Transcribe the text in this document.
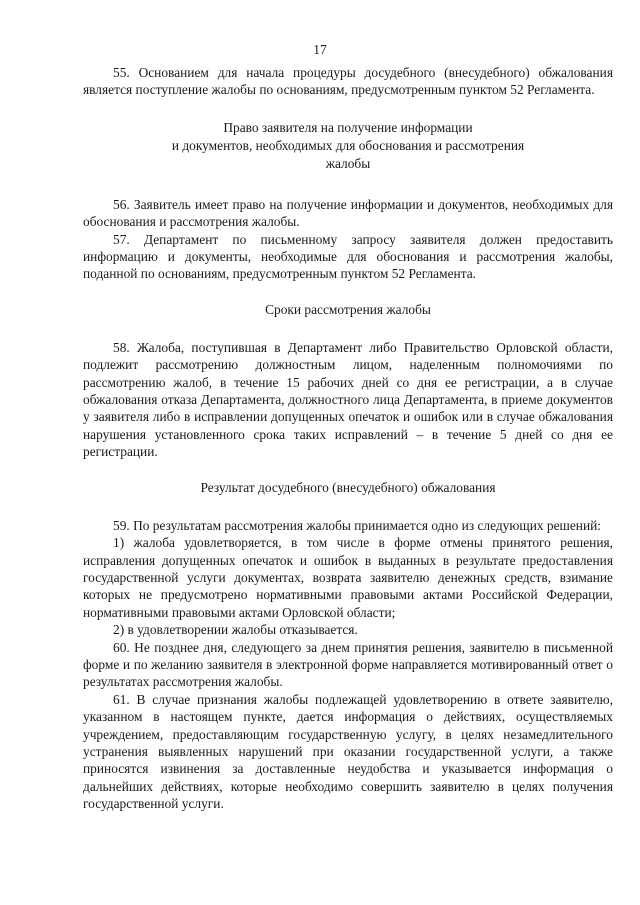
17

55. Основанием для начала процедуры досудебного (внесудебного) обжалования является поступление жалобы по основаниям, предусмотренным пунктом 52 Регламента.

Право заявителя на получение информации
и документов, необходимых для обоснования и рассмотрения
жалобы

56. Заявитель имеет право на получение информации и документов, необходимых для обоснования и рассмотрения жалобы.

57. Департамент по письменному запросу заявителя должен предоставить информацию и документы, необходимые для обоснования и рассмотрения жалобы, поданной по основаниям, предусмотренным пунктом 52 Регламента.

Сроки рассмотрения жалобы

58. Жалоба, поступившая в Департамент либо Правительство Орловской области, подлежит рассмотрению должностным лицом, наделенным полномочиями по рассмотрению жалоб, в течение 15 рабочих дней со дня ее регистрации, а в случае обжалования отказа Департамента, должностного лица Департамента, в приеме документов у заявителя либо в исправлении допущенных опечаток и ошибок или в случае обжалования нарушения установленного срока таких исправлений – в течение 5 дней со дня ее регистрации.

Результат досудебного (внесудебного) обжалования

59. По результатам рассмотрения жалобы принимается одно из следующих решений:

1) жалоба удовлетворяется, в том числе в форме отмены принятого решения, исправления допущенных опечаток и ошибок в выданных в результате предоставления государственной услуги документах, возврата заявителю денежных средств, взимание которых не предусмотрено нормативными правовыми актами Российской Федерации, нормативными правовыми актами Орловской области;

2) в удовлетворении жалобы отказывается.

60. Не позднее дня, следующего за днем принятия решения, заявителю в письменной форме и по желанию заявителя в электронной форме направляется мотивированный ответ о результатах рассмотрения жалобы.

61. В случае признания жалобы подлежащей удовлетворению в ответе заявителю, указанном в настоящем пункте, дается информация о действиях, осуществляемых учреждением, предоставляющим государственную услугу, в целях незамедлительного устранения выявленных нарушений при оказании государственной услуги, а также приносятся извинения за доставленные неудобства и указывается информация о дальнейших действиях, которые необходимо совершить заявителю в целях получения государственной услуги.
